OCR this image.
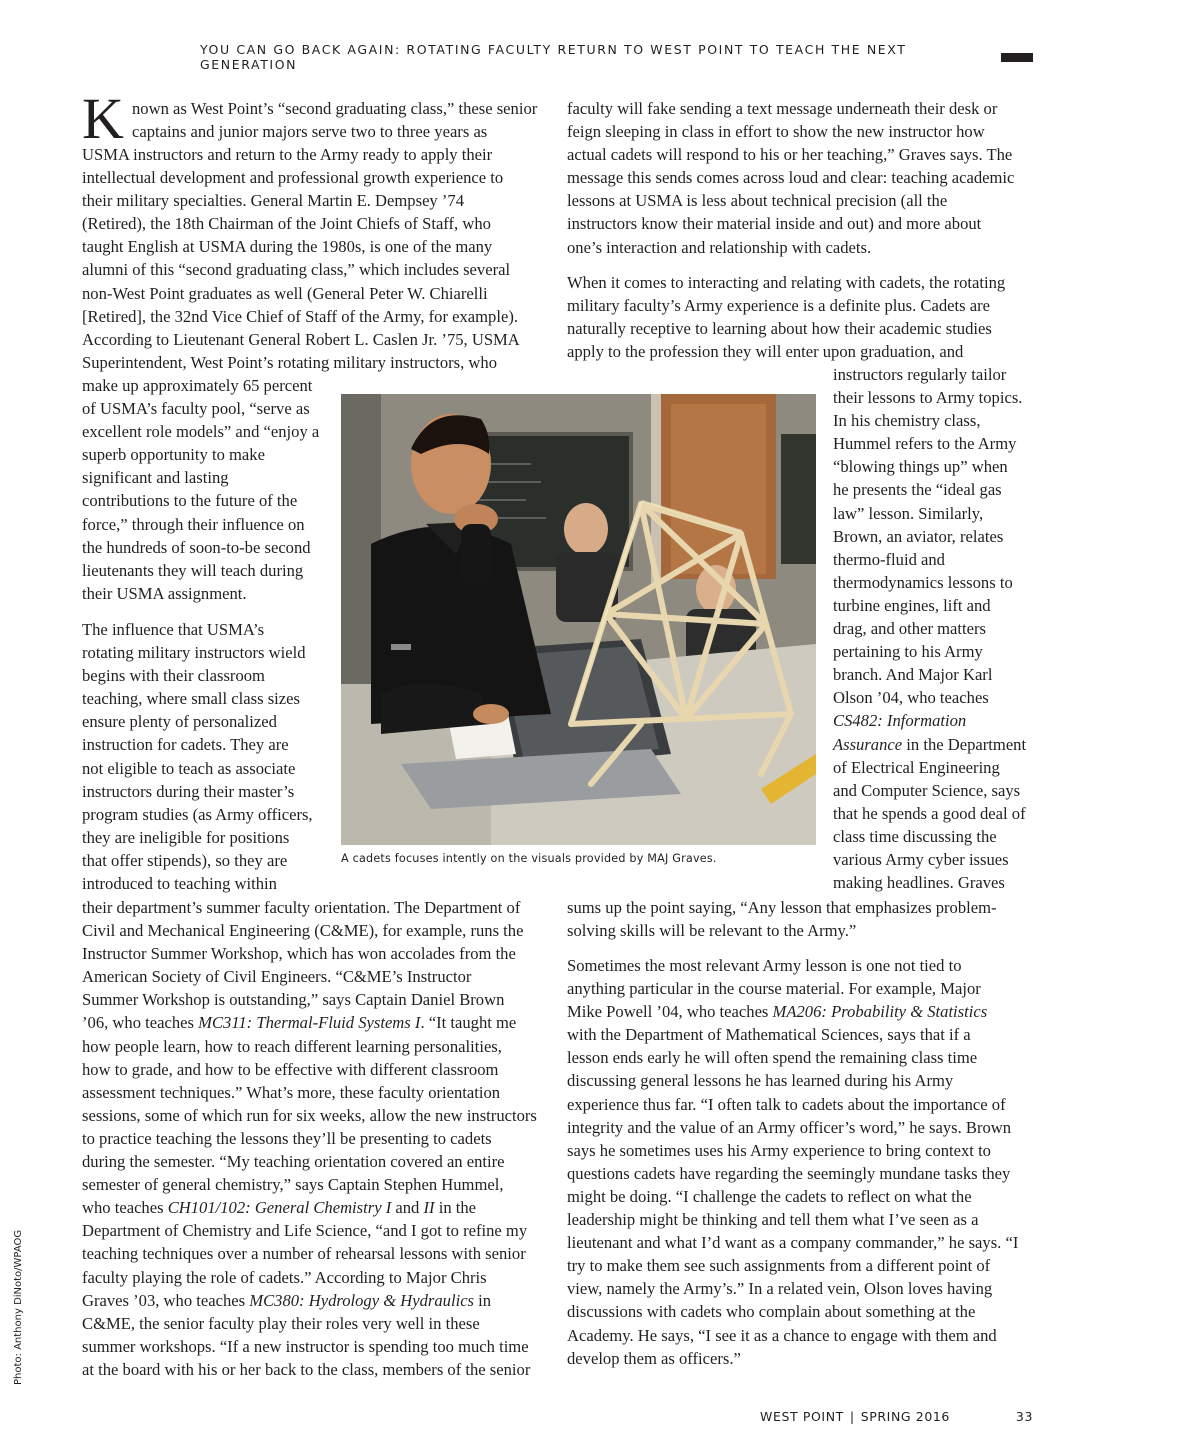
YOU CAN GO BACK AGAIN: ROTATING FACULTY RETURN TO WEST POINT TO TEACH THE NEXT GENERATION
K nown as West Point’s “second graduating class,” these senior
captains and junior majors serve two to three years as
USMA instructors and return to the Army ready to apply their
intellectual development and professional growth experience to
their military specialties. General Martin E. Dempsey ’74
(Retired), the 18th Chairman of the Joint Chiefs of Staff, who
taught English at USMA during the 1980s, is one of the many
alumni of this “second graduating class,” which includes several
non-West Point graduates as well (General Peter W. Chiarelli
[Retired], the 32nd Vice Chief of Staff of the Army, for example).
According to Lieutenant General Robert L. Caslen Jr. ’75, USMA
Superintendent, West Point’s rotating military instructors, who
make up approximately 65 percent
of USMA’s faculty pool, “serve as
excellent role models” and “enjoy a
superb opportunity to make
significant and lasting
contributions to the future of the
force,” through their influence on
the hundreds of soon-to-be second
lieutenants they will teach during
their USMA assignment.
The influence that USMA’s
rotating military instructors wield
begins with their classroom
teaching, where small class sizes
ensure plenty of personalized
instruction for cadets. They are
not eligible to teach as associate
instructors during their master’s
program studies (as Army officers,
they are ineligible for positions
that offer stipends), so they are
introduced to teaching within
their department’s summer faculty orientation. The Department of
Civil and Mechanical Engineering (C&ME), for example, runs the
Instructor Summer Workshop, which has won accolades from the
American Society of Civil Engineers. “C&ME’s Instructor
Summer Workshop is outstanding,” says Captain Daniel Brown
’06, who teaches MC311: Thermal-Fluid Systems I. “It taught me
how people learn, how to reach different learning personalities,
how to grade, and how to be effective with different classroom
assessment techniques.” What’s more, these faculty orientation
sessions, some of which run for six weeks, allow the new instructors
to practice teaching the lessons they’ll be presenting to cadets
during the semester. “My teaching orientation covered an entire
semester of general chemistry,” says Captain Stephen Hummel,
who teaches CH101/102: General Chemistry I and II in the
Department of Chemistry and Life Science, “and I got to refine my
teaching techniques over a number of rehearsal lessons with senior
faculty playing the role of cadets.” According to Major Chris
Graves ’03, who teaches MC380: Hydrology & Hydraulics in
C&ME, the senior faculty play their roles very well in these
summer workshops. “If a new instructor is spending too much time
at the board with his or her back to the class, members of the senior
faculty will fake sending a text message underneath their desk or
feign sleeping in class in effort to show the new instructor how
actual cadets will respond to his or her teaching,” Graves says. The
message this sends comes across loud and clear: teaching academic
lessons at USMA is less about technical precision (all the
instructors know their material inside and out) and more about
one’s interaction and relationship with cadets.
When it comes to interacting and relating with cadets, the rotating
military faculty’s Army experience is a definite plus. Cadets are
naturally receptive to learning about how their academic studies
apply to the profession they will enter upon graduation, and
instructors regularly tailor
their lessons to Army topics.
In his chemistry class,
Hummel refers to the Army
“blowing things up” when
he presents the “ideal gas
law” lesson. Similarly,
Brown, an aviator, relates
thermo-fluid and
thermodynamics lessons to
turbine engines, lift and
drag, and other matters
pertaining to his Army
branch. And Major Karl
Olson ’04, who teaches
CS482: Information
Assurance in the Department
of Electrical Engineering
and Computer Science, says
that he spends a good deal of
class time discussing the
various Army cyber issues
making headlines. Graves
sums up the point saying, “Any lesson that emphasizes problem-
solving skills will be relevant to the Army.”
Sometimes the most relevant Army lesson is one not tied to
anything particular in the course material. For example, Major
Mike Powell ’04, who teaches MA206: Probability & Statistics
with the Department of Mathematical Sciences, says that if a
lesson ends early he will often spend the remaining class time
discussing general lessons he has learned during his Army
experience thus far. “I often talk to cadets about the importance of
integrity and the value of an Army officer’s word,” he says. Brown
says he sometimes uses his Army experience to bring context to
questions cadets have regarding the seemingly mundane tasks they
might be doing. “I challenge the cadets to reflect on what the
leadership might be thinking and tell them what I’ve seen as a
lieutenant and what I’d want as a company commander,” he says. “I
try to make them see such assignments from a different point of
view, namely the Army’s.” In a related vein, Olson loves having
discussions with cadets who complain about something at the
Academy. He says, “I see it as a chance to engage with them and
develop them as officers.”
A cadets focuses intently on the visuals provided by MAJ Graves.
Photo: Anthony DiNoto/WPAOG
WEST POINT | SPRING 2016	33
